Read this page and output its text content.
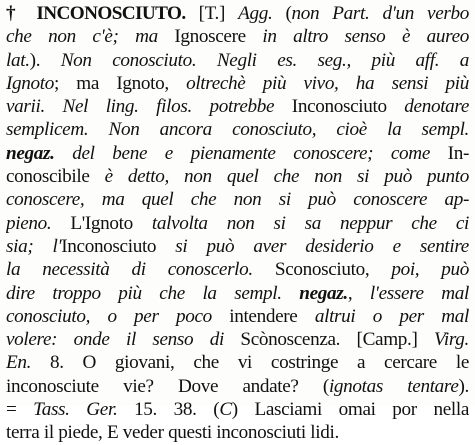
† INCONOSCIUTO. [T.] Agg. (non Part. d'un verbo
che non c'è; ma Ignoscere in altro senso è aureo
lat.). Non conosciuto. Negli es. seg., più aff. a
Ignoto; ma Ignoto, oltrechè più vivo, ha sensi più
varii. Nel ling. filos. potrebbe Inconosciuto denotare
semplicem. Non ancora conosciuto, cioè la sempl.
negaz. del bene e pienamente conoscere; come In-
conoscibile è detto, non quel che non si può punto
conoscere, ma quel che non si può conoscere ap-
pieno. L'Ignoto talvolta non si sa neppur che ci
sia; l'Inconosciuto si può aver desiderio e sentire
la necessità di conoscerlo. Sconosciuto, poi, può
dire troppo più che la sempl. negaz., l'essere mal
conosciuto, o per poco intendere altrui o per mal
volere: onde il senso di Scònoscenza. [Camp.] Virg.
En. 8. O giovani, che vi costringe a cercare le
inconosciute vie? Dove andate? (ignotas tentare).
= Tass. Ger. 15. 38. (C) Lasciami omai por nella
terra il piede, E veder questi inconosciuti lidi.
